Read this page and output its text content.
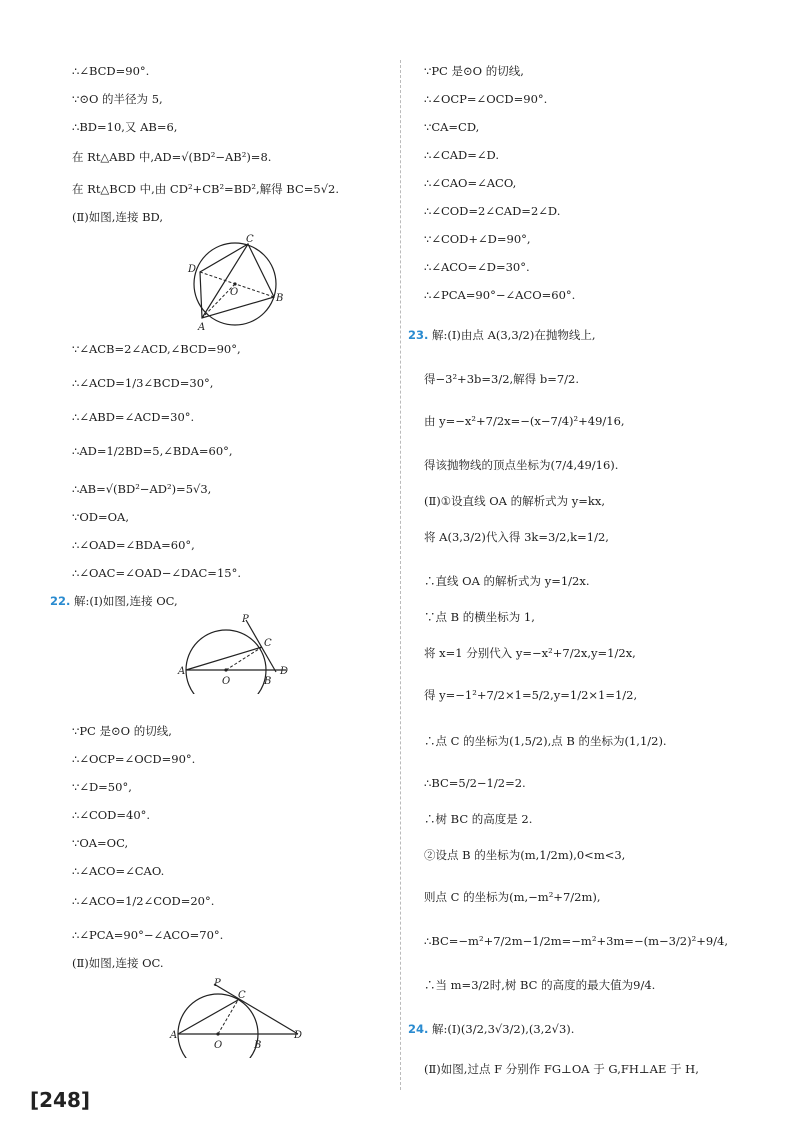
∴∠BCD=90°.
∵⊙O 的半径为 5,
∴BD=10,又 AB=6,
在 Rt△ABD 中,AD=√(BD²−AB²)=8.
在 Rt△BCD 中,由 CD²+CB²=BD²,解得 BC=5√2.
(Ⅱ)如图,连接 BD,
C
D
O
B
A
∵∠ACB=2∠ACD,∠BCD=90°,
∴∠ACD=1/3∠BCD=30°,
∴∠ABD=∠ACD=30°.
∴AD=1/2BD=5,∠BDA=60°,
∴AB=√(BD²−AD²)=5√3,
∵OD=OA,
∴∠OAD=∠BDA=60°,
∴∠OAC=∠OAD−∠DAC=15°.
22. 解:(Ⅰ)如图,连接 OC,
P
C
A
O	B
D
∵PC 是⊙O 的切线,
∴∠OCP=∠OCD=90°.
∵∠D=50°,
∴∠COD=40°.
∵OA=OC,
∴∠ACO=∠CAO.
∴∠ACO=1/2∠COD=20°.
∴∠PCA=90°−∠ACO=70°.
(Ⅱ)如图,连接 OC.
P
C
A
O	B
D
∵PC 是⊙O 的切线,
∴∠OCP=∠OCD=90°.
∵CA=CD,
∴∠CAD=∠D.
∴∠CAO=∠ACO,
∴∠COD=2∠CAD=2∠D.
∵∠COD+∠D=90°,
∴∠ACO=∠D=30°.
∴∠PCA=90°−∠ACO=60°.
23. 解:(Ⅰ)由点 A(3,3/2)在抛物线上,
得−3²+3b=3/2,解得 b=7/2.
由 y=−x²+7/2x=−(x−7/4)²+49/16,
得该抛物线的顶点坐标为(7/4,49/16).
(Ⅱ)①设直线 OA 的解析式为 y=kx,
将 A(3,3/2)代入得 3k=3/2,k=1/2,
∴直线 OA 的解析式为 y=1/2x.
∵点 B 的横坐标为 1,
将 x=1 分别代入 y=−x²+7/2x,y=1/2x,
得 y=−1²+7/2×1=5/2,y=1/2×1=1/2,
∴点 C 的坐标为(1,5/2),点 B 的坐标为(1,1/2).
∴BC=5/2−1/2=2.
∴树 BC 的高度是 2.
②设点 B 的坐标为(m,1/2m),0<m<3,
则点 C 的坐标为(m,−m²+7/2m),
∴BC=−m²+7/2m−1/2m=−m²+3m=−(m−3/2)²+9/4,
∴当 m=3/2时,树 BC 的高度的最大值为9/4.
24. 解:(Ⅰ)(3/2,3√3/2),(3,2√3).
(Ⅱ)如图,过点 F 分别作 FG⊥OA 于 G,FH⊥AE 于 H,
[248]
